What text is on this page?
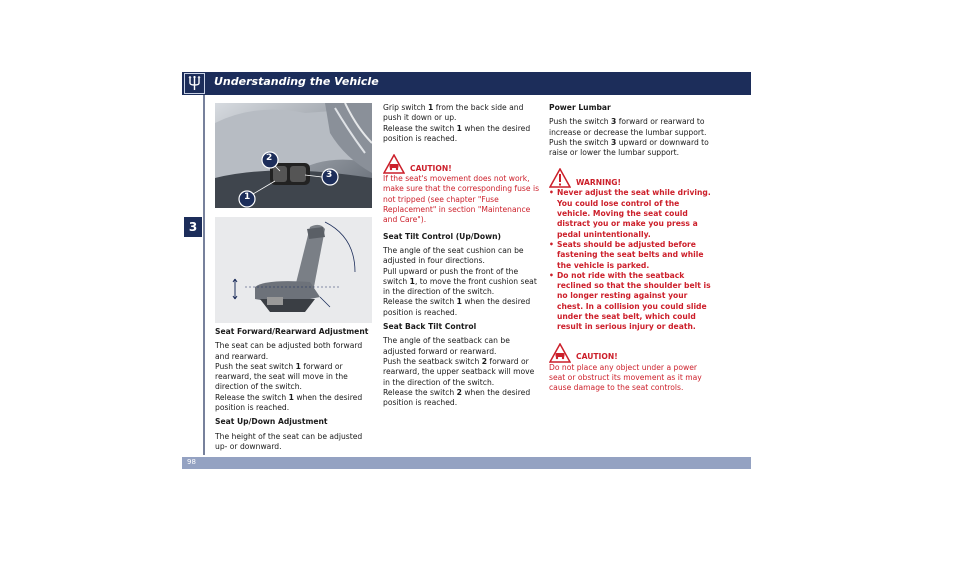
Understanding the Vehicle
3
2
3
1

Seat Forward/Rearward Adjustment

The seat can be adjusted both forward and rearward.

Push the seat switch 1 forward or rearward, the seat will move in the direction of the switch.

Release the switch 1 when the desired position is reached.

Seat Up/Down Adjustment

The height of the seat can be adjusted up- or downward.

Grip switch 1 from the back side and push it down or up.

Release the switch 1 when the desired position is reached.

CAUTION!

If the seat's movement does not work, make sure that the corresponding fuse is not tripped (see chapter "Fuse Replacement" in section "Maintenance and Care").

Seat Tilt Control (Up/Down)

The angle of the seat cushion can be adjusted in four directions.

Pull upward or push the front of the switch 1, to move the front cushion seat in the direction of the switch.

Release the switch 1 when the desired position is reached.

Seat Back Tilt Control

The angle of the seatback can be adjusted forward or rearward.

Push the seatback switch 2 forward or rearward, the upper seatback will move in the direction of the switch.

Release the switch 2 when the desired position is reached.

Power Lumbar

Push the switch 3 forward or rearward to increase or decrease the lumbar support.

Push the switch 3 upward or downward to raise or lower the lumbar support.

WARNING!
• Never adjust the seat while driving. You could lose control of the vehicle. Moving the seat could distract you or make you press a pedal unintentionally.
• Seats should be adjusted before fastening the seat belts and while the vehicle is parked.
• Do not ride with the seatback reclined so that the shoulder belt is no longer resting against your chest. In a collision you could slide under the seat belt, which could result in serious injury or death.
CAUTION!

Do not place any object under a power seat or obstruct its movement as it may cause damage to the seat controls.

98
